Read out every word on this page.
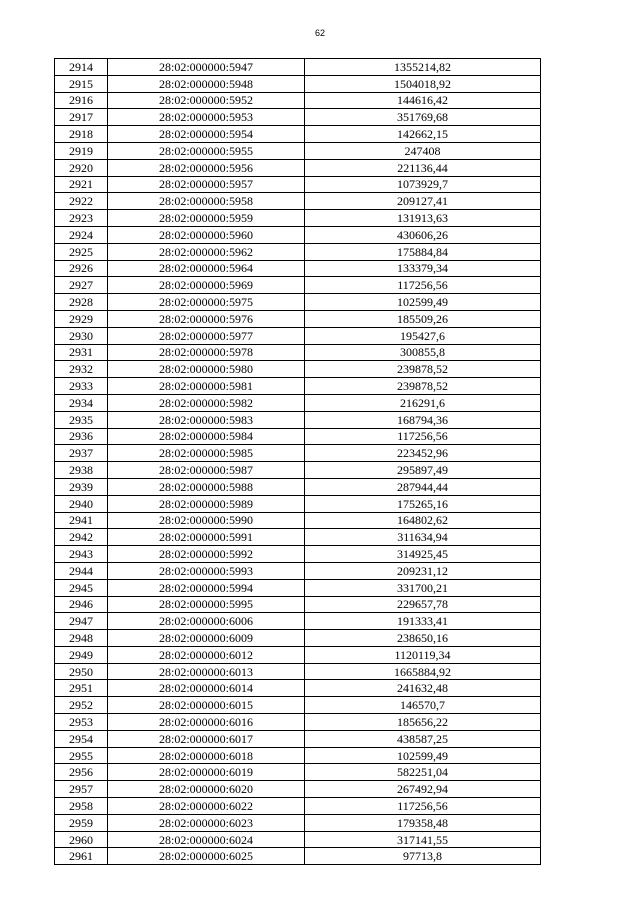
62
2914	28:02:000000:5947	1355214,82
2915	28:02:000000:5948	1504018,92
2916	28:02:000000:5952	144616,42
2917	28:02:000000:5953	351769,68
2918	28:02:000000:5954	142662,15
2919	28:02:000000:5955	247408
2920	28:02:000000:5956	221136,44
2921	28:02:000000:5957	1073929,7
2922	28:02:000000:5958	209127,41
2923	28:02:000000:5959	131913,63
2924	28:02:000000:5960	430606,26
2925	28:02:000000:5962	175884,84
2926	28:02:000000:5964	133379,34
2927	28:02:000000:5969	117256,56
2928	28:02:000000:5975	102599,49
2929	28:02:000000:5976	185509,26
2930	28:02:000000:5977	195427,6
2931	28:02:000000:5978	300855,8
2932	28:02:000000:5980	239878,52
2933	28:02:000000:5981	239878,52
2934	28:02:000000:5982	216291,6
2935	28:02:000000:5983	168794,36
2936	28:02:000000:5984	117256,56
2937	28:02:000000:5985	223452,96
2938	28:02:000000:5987	295897,49
2939	28:02:000000:5988	287944,44
2940	28:02:000000:5989	175265,16
2941	28:02:000000:5990	164802,62
2942	28:02:000000:5991	311634,94
2943	28:02:000000:5992	314925,45
2944	28:02:000000:5993	209231,12
2945	28:02:000000:5994	331700,21
2946	28:02:000000:5995	229657,78
2947	28:02:000000:6006	191333,41
2948	28:02:000000:6009	238650,16
2949	28:02:000000:6012	1120119,34
2950	28:02:000000:6013	1665884,92
2951	28:02:000000:6014	241632,48
2952	28:02:000000:6015	146570,7
2953	28:02:000000:6016	185656,22
2954	28:02:000000:6017	438587,25
2955	28:02:000000:6018	102599,49
2956	28:02:000000:6019	582251,04
2957	28:02:000000:6020	267492,94
2958	28:02:000000:6022	117256,56
2959	28:02:000000:6023	179358,48
2960	28:02:000000:6024	317141,55
2961	28:02:000000:6025	97713,8
